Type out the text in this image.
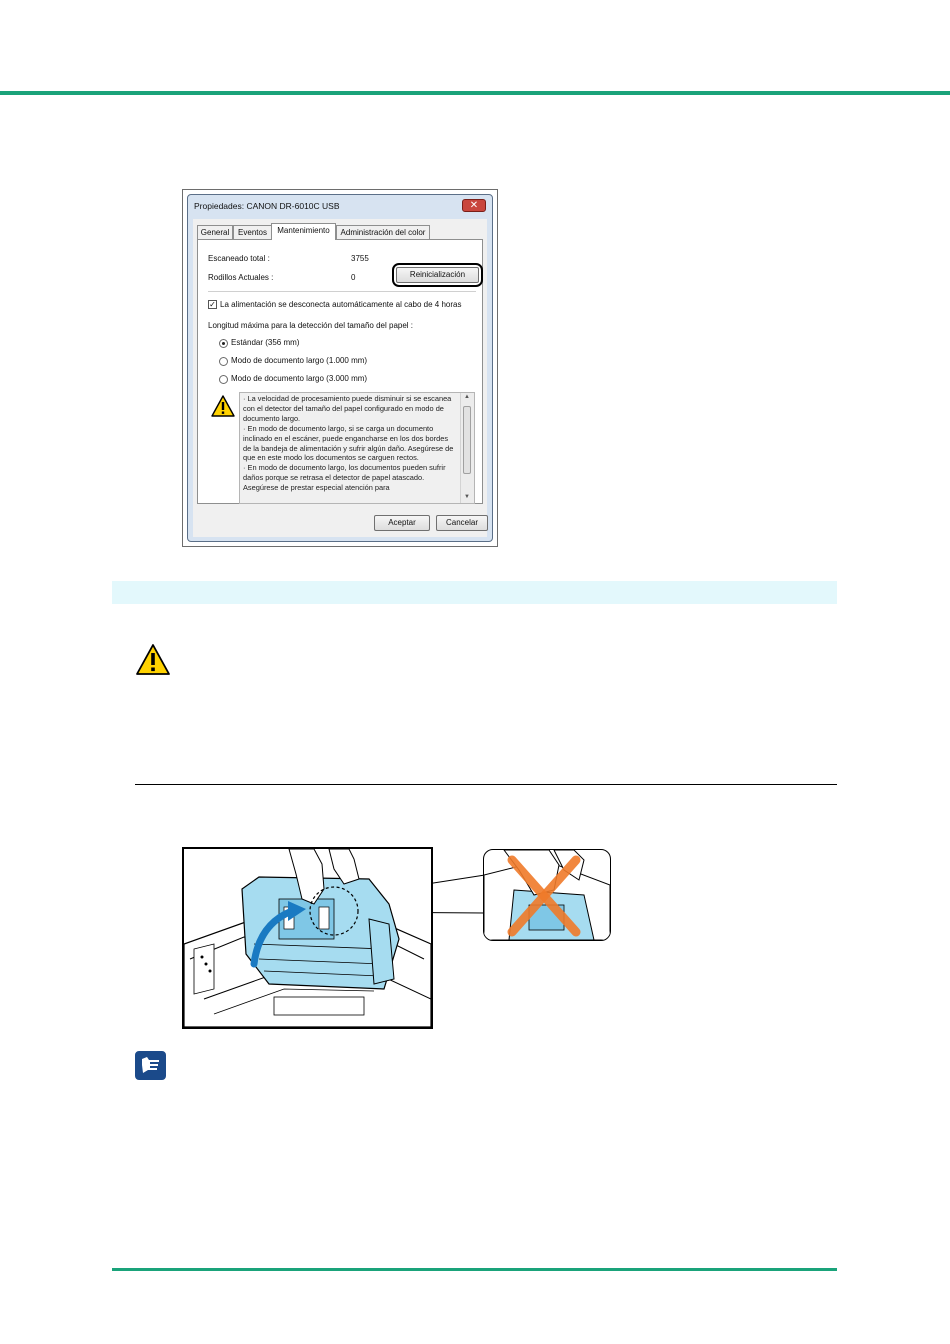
Propiedades: CANON DR-6010C USB	✕
General	Eventos	Mantenimiento	Administración del color
Escaneado total :	3755
Rodillos Actuales :	0	Reinicialización
✓ La alimentación se desconecta automáticamente al cabo de 4 horas
Longitud máxima para la detección del tamaño del papel :
Estándar (356 mm)
Modo de documento largo (1.000 mm)
Modo de documento largo (3.000 mm)
· La velocidad de procesamiento puede disminuir si se escanea con el detector del tamaño del papel configurado en modo de documento largo.
· En modo de documento largo, si se carga un documento inclinado en el escáner, puede engancharse en los dos bordes de la bandeja de alimentación y sufrir algún daño. Asegúrese de que en este modo los documentos se carguen rectos.
· En modo de documento largo, los documentos pueden sufrir daños porque se retrasa el detector de papel atascado. Asegúrese de prestar especial atención para
▲
▼
Aceptar	Cancelar
